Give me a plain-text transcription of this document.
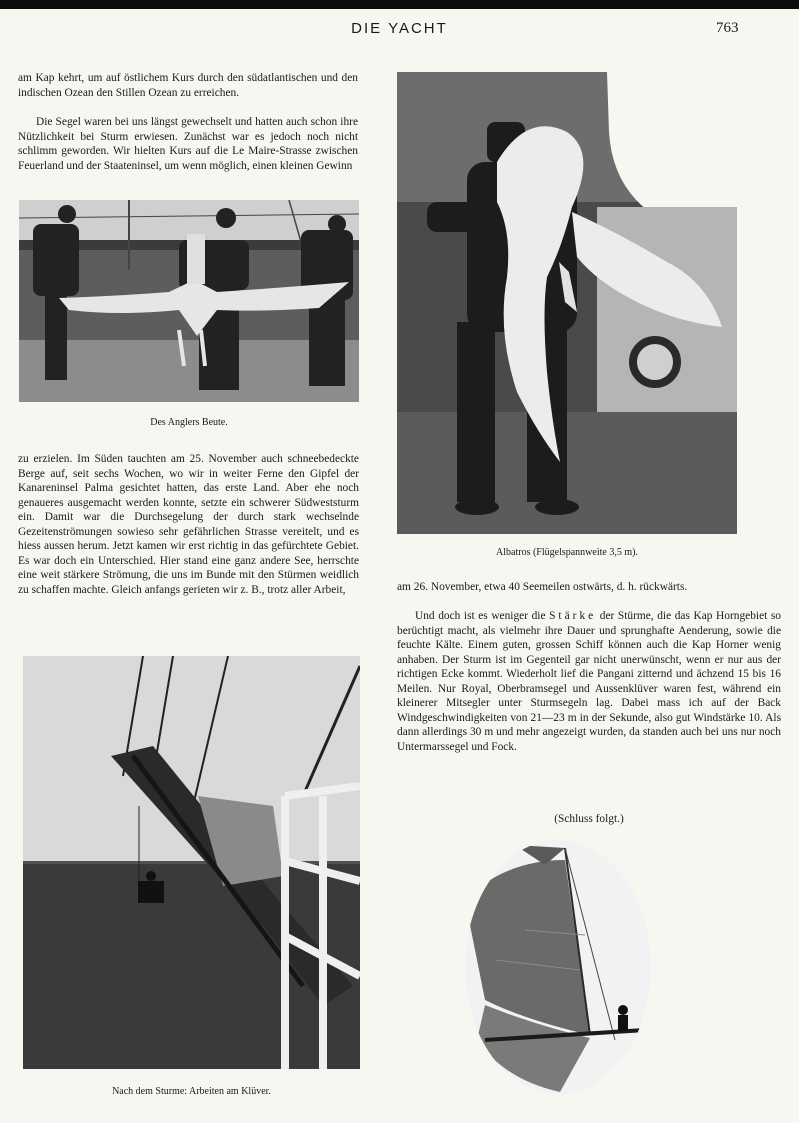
DIE YACHT	763

am Kap kehrt, um auf östlichem Kurs durch den südatlantischen und den indischen Ozean den Stillen Ozean zu erreichen.

Die Segel waren bei uns längst gewechselt und hatten auch schon ihre Nützlichkeit bei Sturm erwiesen. Zunächst war es jedoch noch nicht schlimm geworden. Wir hielten Kurs auf die Le Maire-Strasse zwischen Feuerland und der Staateninsel, um wenn möglich, einen kleinen Gewinn

Des Anglers Beute.

zu erzielen. Im Süden tauchten am 25. November auch schneebedeckte Berge auf, seit sechs Wochen, wo wir in weiter Ferne den Gipfel der Kanareninsel Palma gesichtet hatten, das erste Land. Aber ehe noch genaueres ausgemacht werden konnte, setzte ein schwerer Südweststurm ein. Damit war die Durchsegelung der durch stark wechselnde Gezeitenströmungen sowieso sehr gefährlichen Strasse vereitelt, und es hiess aussen herum. Jetzt kamen wir erst richtig in das gefürchtete Gebiet. Es war doch ein Unterschied. Hier stand eine ganz andere See, herrschte eine weit stärkere Strömung, die uns im Bunde mit den Stürmen weidlich zu schaffen machte. Gleich anfangs gerieten wir z. B., trotz aller Arbeit,

Nach dem Sturme: Arbeiten am Klüver.

Albatros (Flügelspannweite 3,5 m).

am 26. November, etwa 40 Seemeilen ostwärts, d. h. rückwärts.

Und doch ist es weniger die Stärke der Stürme, die das Kap Horngebiet so berüchtigt macht, als vielmehr ihre Dauer und sprunghafte Aenderung, sowie die feuchte Kälte. Einem guten, grossen Schiff können auch die Kap Horner wenig anhaben. Der Sturm ist im Gegenteil gar nicht unerwünscht, wenn er nur aus der richtigen Ecke kommt. Wiederholt lief die Pangani zitternd und ächzend 15 bis 16 Meilen. Nur Royal, Oberbramsegel und Aussenklüver waren fest, während ein kleinerer Mitsegler unter Sturmsegeln lag. Dabei mass ich auf der Back Windgeschwindigkeiten von 21—23 m in der Sekunde, also gut Windstärke 10. Als dann allerdings 30 m und mehr angezeigt wurden, da standen auch bei uns nur noch Untermarssegel und Fock.

(Schluss folgt.)
